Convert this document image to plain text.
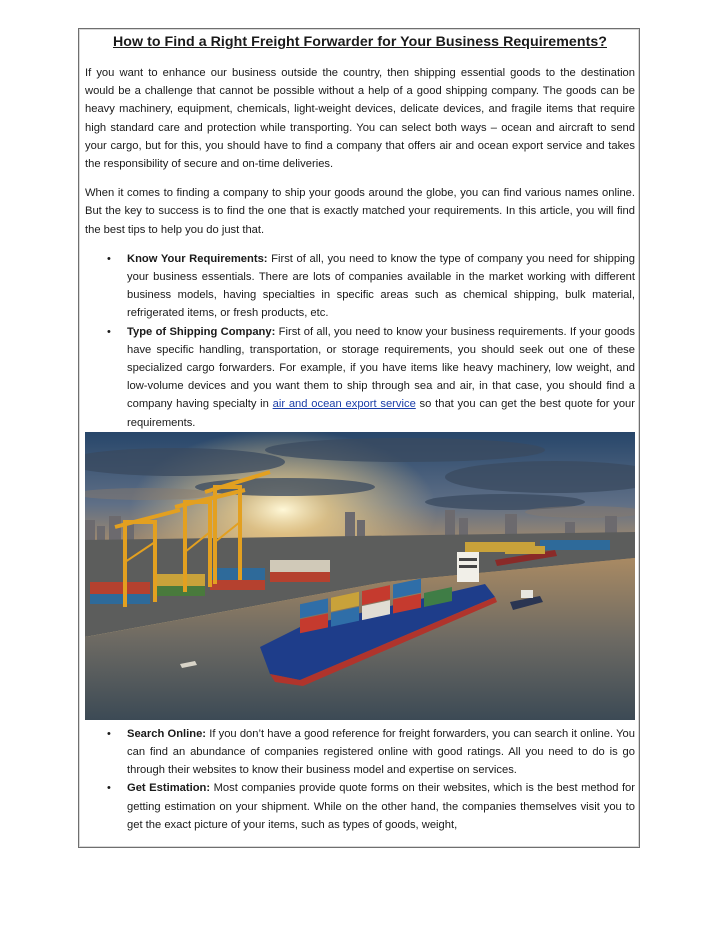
How to Find a Right Freight Forwarder for Your Business Requirements?

If you want to enhance our business outside the country, then shipping essential goods to the destination would be a challenge that cannot be possible without a help of a good shipping company. The goods can be heavy machinery, equipment, chemicals, light-weight devices, delicate devices, and fragile items that require high standard care and protection while transporting. You can select both ways – ocean and aircraft to send your cargo, but for this, you should have to find a company that offers air and ocean export service and takes the responsibility of secure and on-time deliveries.

When it comes to finding a company to ship your goods around the globe, you can find various names online. But the key to success is to find the one that is exactly matched your requirements. In this article, you will find the best tips to help you do just that.

• Know Your Requirements: First of all, you need to know the type of company you need for shipping your business essentials. There are lots of companies available in the market working with different business models, having specialties in specific areas such as chemical shipping, bulk material, refrigerated items, or fresh products, etc.
• Type of Shipping Company: First of all, you need to know your business requirements. If your goods have specific handling, transportation, or storage requirements, you should seek out one of these specialized cargo forwarders. For example, if you have items like heavy machinery, low weight, and low-volume devices and you want them to ship through sea and air, in that case, you should find a company having specialty in air and ocean export service so that you can get the best quote for your requirements.
• Search Online: If you don’t have a good reference for freight forwarders, you can search it online. You can find an abundance of companies registered online with good ratings. All you need to do is go through their websites to know their business model and expertise on services.
• Get Estimation: Most companies provide quote forms on their websites, which is the best method for getting estimation on your shipment. While on the other hand, the companies themselves visit you to get the exact picture of your items, such as types of goods, weight,
